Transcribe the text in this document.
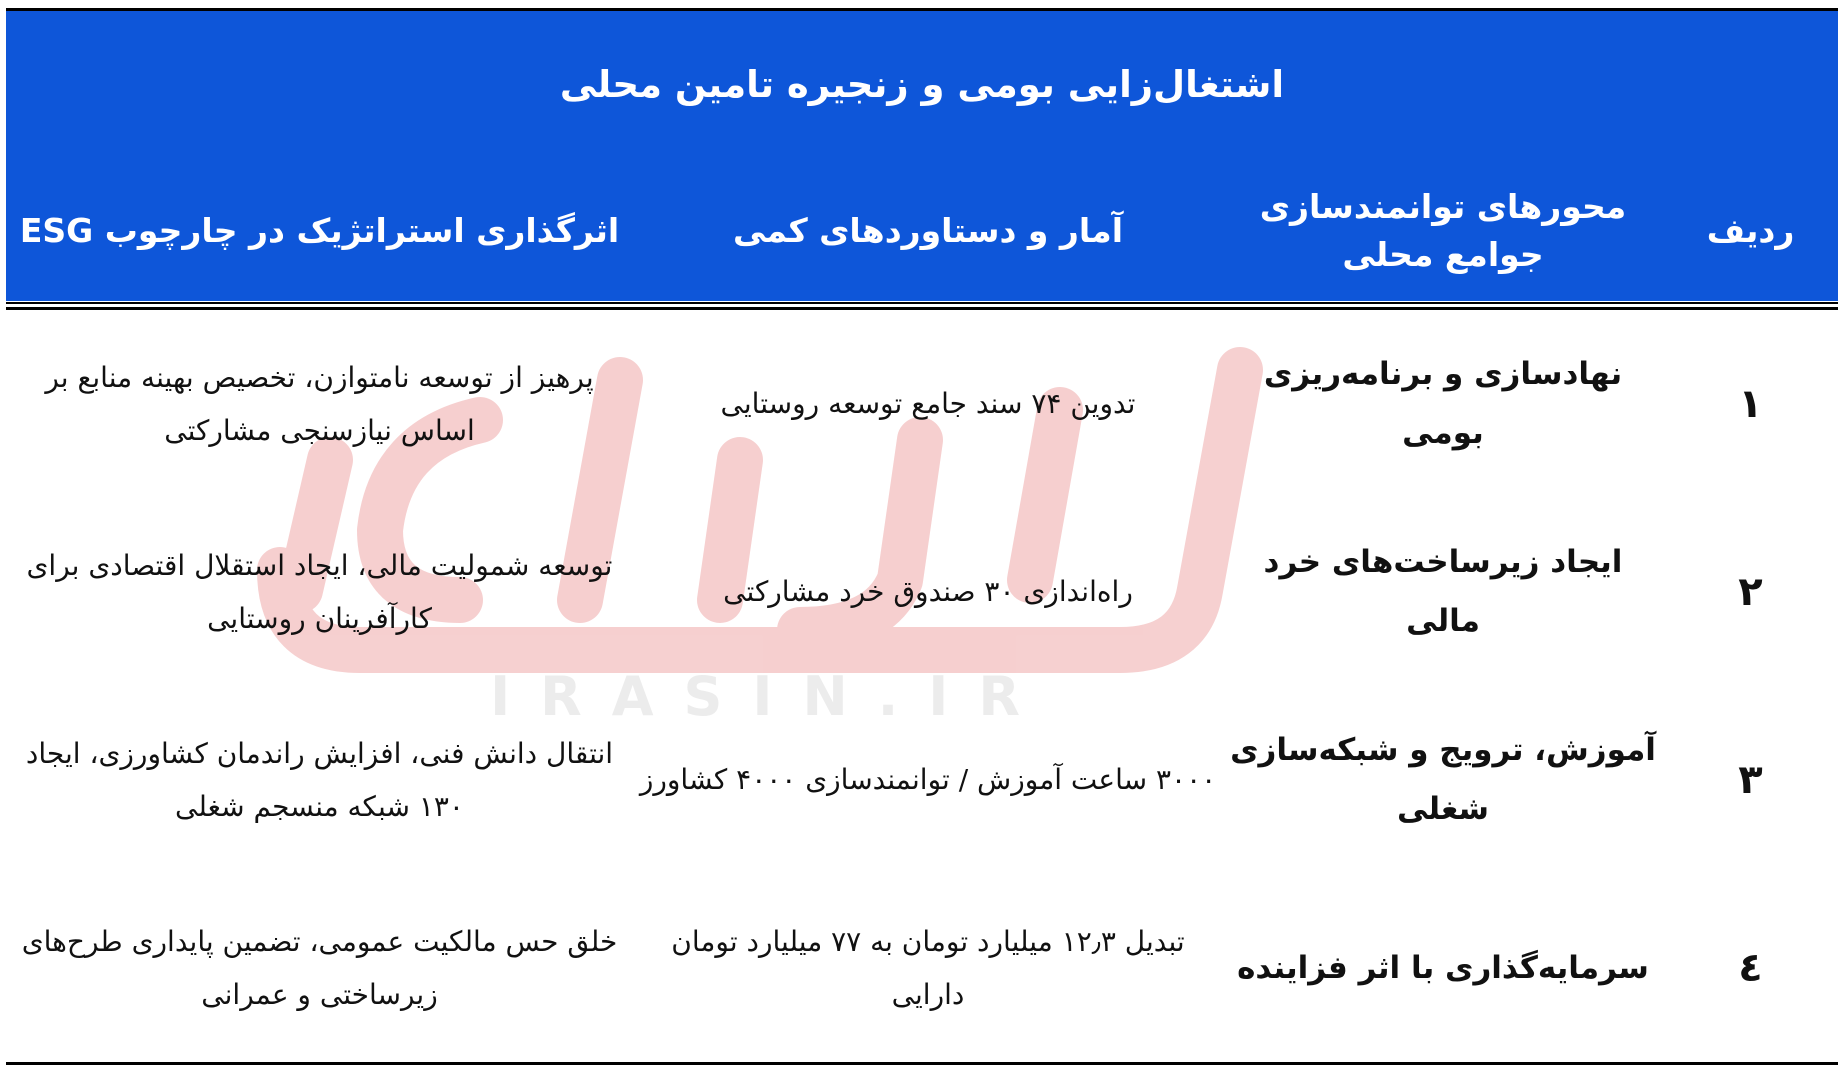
IRASIN.IR
اشتغال‌زایی بومی و زنجیره تامین محلی
ردیف
محورهای توانمندسازی جوامع محلی
آمار و دستاوردهای کمی
اثرگذاری استراتژیک در چارچوب ESG
۱
نهادسازی و برنامه‌ریزی بومی
تدوین ۷۴ سند جامع توسعه روستایی
پرهیز از توسعه نامتوازن، تخصیص بهینه منابع بر اساس نیازسنجی مشارکتی
۲
ایجاد زیرساخت‌های خرد مالی
راه‌اندازی ۳۰ صندوق خرد مشارکتی
توسعه شمولیت مالی، ایجاد استقلال اقتصادی برای کارآفرینان روستایی
۳
آموزش، ترویج و شبکه‌سازی شغلی
۳۰۰۰ ساعت آموزش / توانمندسازی ۴۰۰۰ کشاورز
انتقال دانش فنی، افزایش راندمان کشاورزی، ایجاد ۱۳۰ شبکه منسجم شغلی
٤
سرمایه‌گذاری با اثر فزاینده
تبدیل ۱۲٫۳ میلیارد تومان به ۷۷ میلیارد تومان دارایی
خلق حس مالکیت عمومی، تضمین پایداری طرح‌های زیرساختی و عمرانی
